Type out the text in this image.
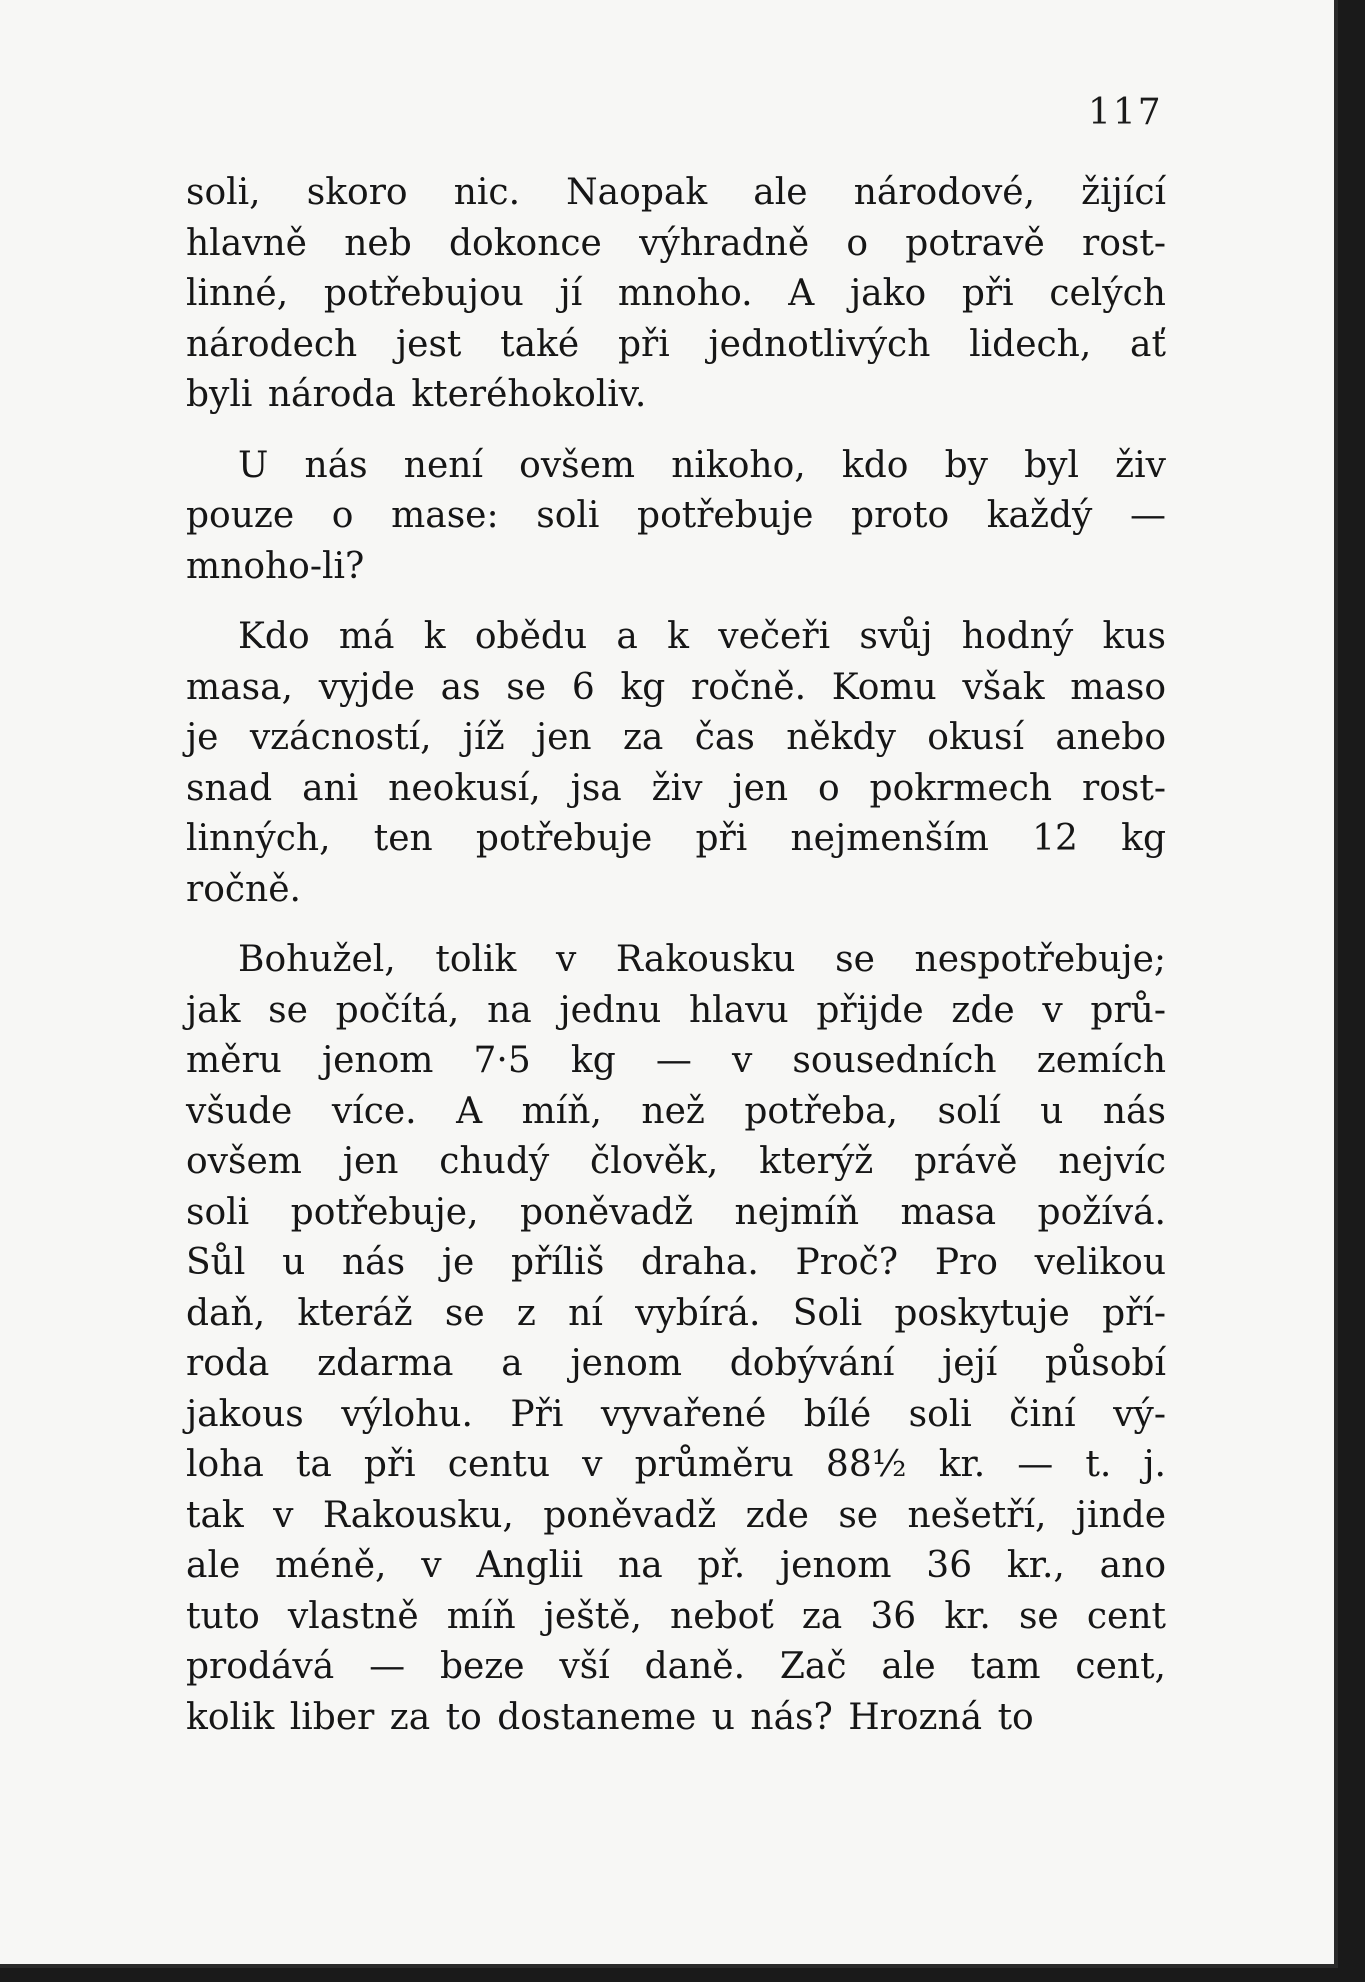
117
soli, skoro nic. Naopak ale národové, žijící
hlavně neb dokonce výhradně o potravě rost-
linné, potřebujou jí mnoho. A jako při celých
národech jest také při jednotlivých lidech, ať
byli národa kteréhokoliv.
U nás není ovšem nikoho, kdo by byl živ
pouze o mase: soli potřebuje proto každý —
mnoho-li?
Kdo má k obědu a k večeři svůj hodný kus
masa, vyjde as se 6 kg ročně. Komu však maso
je vzácností, jíž jen za čas někdy okusí anebo
snad ani neokusí, jsa živ jen o pokrmech rost-
linných, ten potřebuje při nejmenším 12 kg
ročně.
Bohužel, tolik v Rakousku se nespotřebuje;
jak se počítá, na jednu hlavu přijde zde v prů-
měru jenom 7·5 kg — v sousedních zemích
všude více. A míň, než potřeba, solí u nás
ovšem jen chudý člověk, kterýž právě nejvíc
soli potřebuje, poněvadž nejmíň masa požívá.
Sůl u nás je příliš draha. Proč? Pro velikou
daň, kteráž se z ní vybírá. Soli poskytuje pří-
roda zdarma a jenom dobývání její působí
jakous výlohu. Při vyvařené bílé soli činí vý-
loha ta při centu v průměru 88½ kr. — t. j.
tak v Rakousku, poněvadž zde se nešetří, jinde
ale méně, v Anglii na př. jenom 36 kr., ano
tuto vlastně míň ještě, neboť za 36 kr. se cent
prodává — beze vší daně. Zač ale tam cent,
kolik liber za to dostaneme u nás? Hrozná to
